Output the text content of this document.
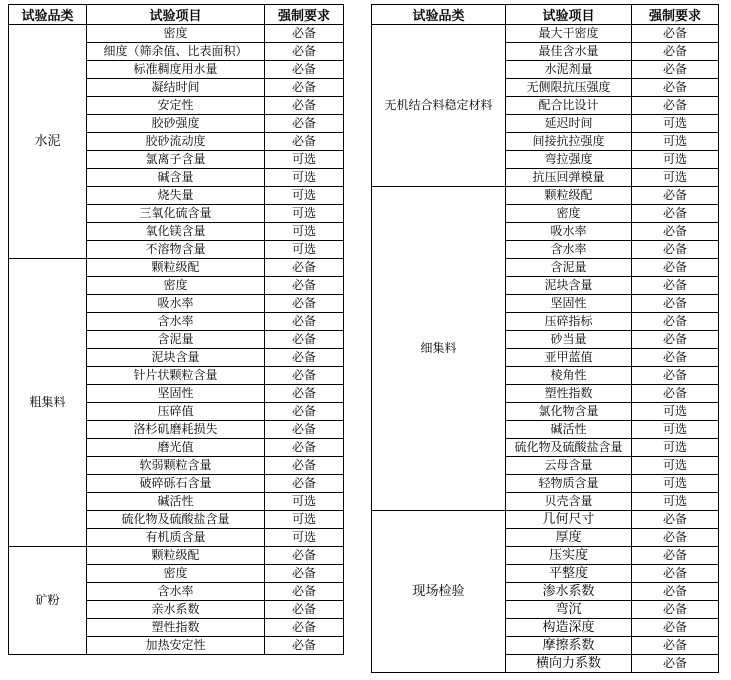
试验品类	试验项目	强制要求
水泥	密度	必备
	细度（筛余值、比表面积）	必备
	标准稠度用水量	必备
	凝结时间	必备
	安定性	必备
	胶砂强度	必备
	胶砂流动度	必备
	氯离子含量	可选
	碱含量	可选
	烧失量	可选
	三氧化硫含量	可选
	氧化镁含量	可选
	不溶物含量	可选
粗集料	颗粒级配	必备
	密度	必备
	吸水率	必备
	含水率	必备
	含泥量	必备
	泥块含量	必备
	针片状颗粒含量	必备
	坚固性	必备
	压碎值	必备
	洛杉矶磨耗损失	必备
	磨光值	必备
	软弱颗粒含量	必备
	破碎砾石含量	必备
	碱活性	可选
	硫化物及硫酸盐含量	可选
	有机质含量	可选
矿粉	颗粒级配	必备
	密度	必备
	含水率	必备
	亲水系数	必备
	塑性指数	必备
	加热安定性	必备
试验品类	试验项目	强制要求
无机结合料稳定材料	最大干密度	必备
	最佳含水量	必备
	水泥剂量	必备
	无侧限抗压强度	必备
	配合比设计	必备
	延迟时间	可选
	间接抗拉强度	可选
	弯拉强度	可选
	抗压回弹模量	可选
细集料	颗粒级配	必备
	密度	必备
	吸水率	必备
	含水率	必备
	含泥量	必备
	泥块含量	必备
	坚固性	必备
	压碎指标	必备
	砂当量	必备
	亚甲蓝值	必备
	棱角性	必备
	塑性指数	必备
	氯化物含量	可选
	碱活性	可选
	硫化物及硫酸盐含量	可选
	云母含量	可选
	轻物质含量	可选
	贝壳含量	可选
现场检验	几何尺寸	必备
	厚度	必备
	压实度	必备
	平整度	必备
	渗水系数	必备
	弯沉	必备
	构造深度	必备
	摩擦系数	必备
	横向力系数	必备
